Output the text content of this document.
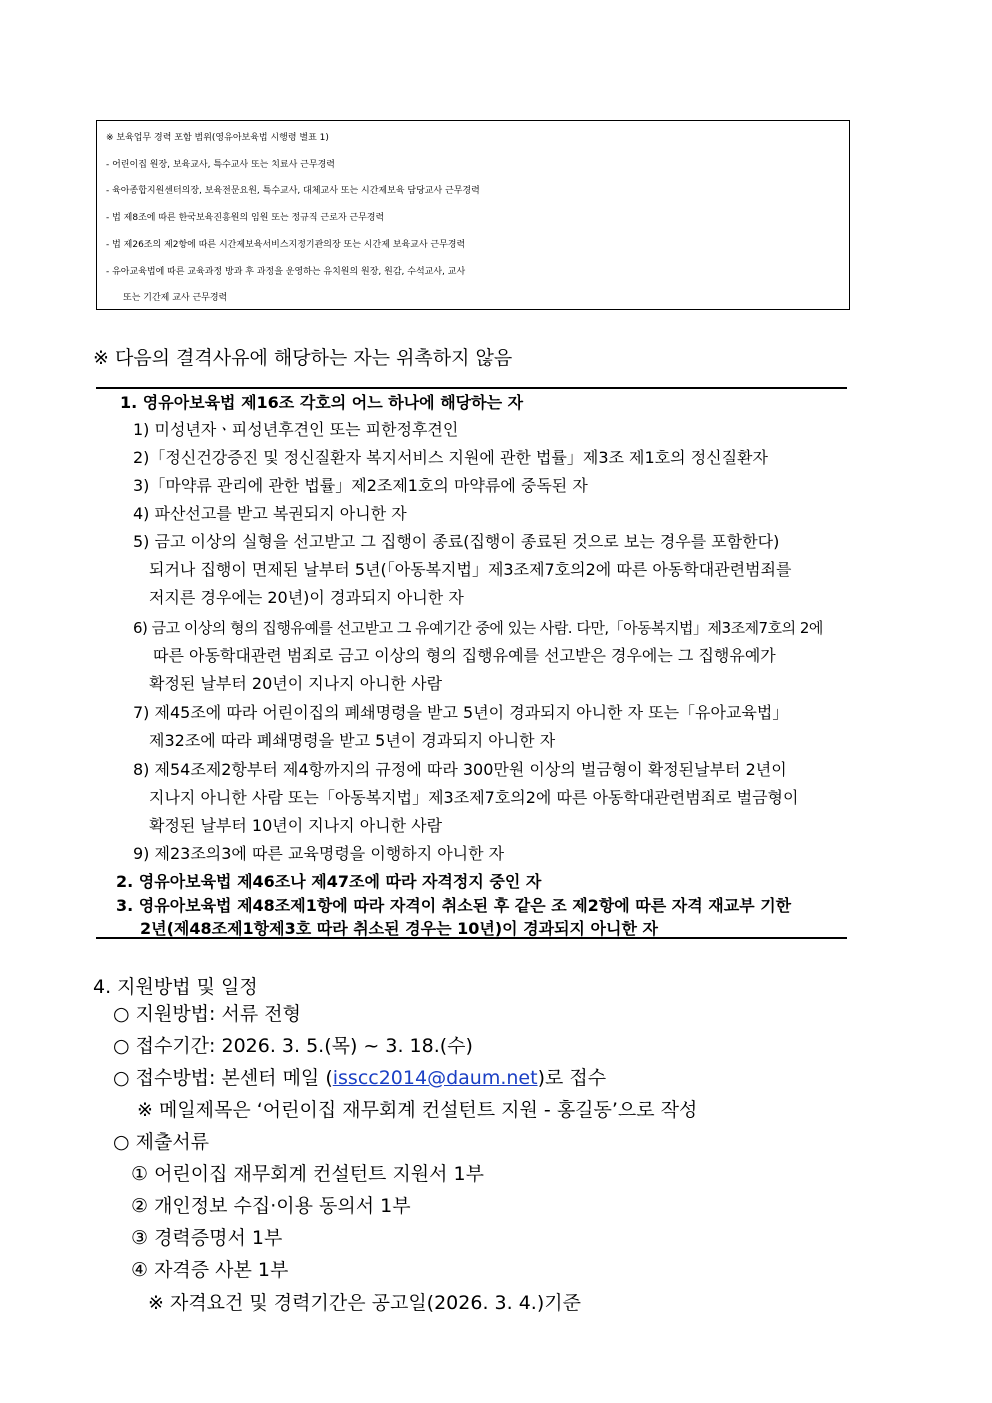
※ 보육업무 경력 포함 범위(영유아보육법 시행령 별표 1)
- 어린이집 원장, 보육교사, 특수교사 또는 치료사 근무경력
- 육아종합지원센터의장, 보육전문요원, 특수교사, 대체교사 또는 시간제보육 담당교사 근무경력
- 법 제8조에 따른 한국보육진흥원의 임원 또는 정규직 근로자 근무경력
- 법 제26조의 제2항에 따른 시간제보육서비스지정기관의장 또는 시간제 보육교사 근무경력
- 유아교육법에 따른 교육과정 방과 후 과정을 운영하는 유치원의 원장, 원감, 수석교사, 교사
또는 기간제 교사 근무경력
※ 다음의 결격사유에 해당하는 자는 위촉하지 않음
1. 영유아보육법 제16조 각호의 어느 하나에 해당하는 자
1) 미성년자ㆍ피성년후견인 또는 피한정후견인
2)「정신건강증진 및 정신질환자 복지서비스 지원에 관한 법률」제3조 제1호의 정신질환자
3)「마약류 관리에 관한 법률」제2조제1호의 마약류에 중독된 자
4) 파산선고를 받고 복권되지 아니한 자
5) 금고 이상의 실형을 선고받고 그 집행이 종료(집행이 종료된 것으로 보는 경우를 포함한다)
되거나 집행이 면제된 날부터 5년(「아동복지법」제3조제7호의2에 따른 아동학대관련범죄를
저지른 경우에는 20년)이 경과되지 아니한 자
6) 금고 이상의 형의 집행유예를 선고받고 그 유예기간 중에 있는 사람. 다만,「아동복지법」제3조제7호의 2에
따른 아동학대관련 범죄로 금고 이상의 형의 집행유예를 선고받은 경우에는 그 집행유예가
확정된 날부터 20년이 지나지 아니한 사람
7) 제45조에 따라 어린이집의 폐쇄명령을 받고 5년이 경과되지 아니한 자 또는「유아교육법」
제32조에 따라 폐쇄명령을 받고 5년이 경과되지 아니한 자
8) 제54조제2항부터 제4항까지의 규정에 따라 300만원 이상의 벌금형이 확정된날부터 2년이
지나지 아니한 사람 또는「아동복지법」제3조제7호의2에 따른 아동학대관련범죄로 벌금형이
확정된 날부터 10년이 지나지 아니한 사람
9) 제23조의3에 따른 교육명령을 이행하지 아니한 자
2. 영유아보육법 제46조나 제47조에 따라 자격정지 중인 자
3. 영유아보육법 제48조제1항에 따라 자격이 취소된 후 같은 조 제2항에 따른 자격 재교부 기한
2년(제48조제1항제3호 따라 취소된 경우는 10년)이 경과되지 아니한 자
4. 지원방법 및 일정
○ 지원방법: 서류 전형
○ 접수기간: 2026. 3. 5.(목) ~ 3. 18.(수)
○ 접수방법: 본센터 메일 (isscc2014@daum.net)로 접수
※ 메일제목은 ‘어린이집 재무회계 컨설턴트 지원 - 홍길동’으로 작성
○ 제출서류
① 어린이집 재무회계 컨설턴트 지원서 1부
② 개인정보 수집·이용 동의서 1부
③ 경력증명서 1부
④ 자격증 사본 1부
※ 자격요건 및 경력기간은 공고일(2026. 3. 4.)기준
